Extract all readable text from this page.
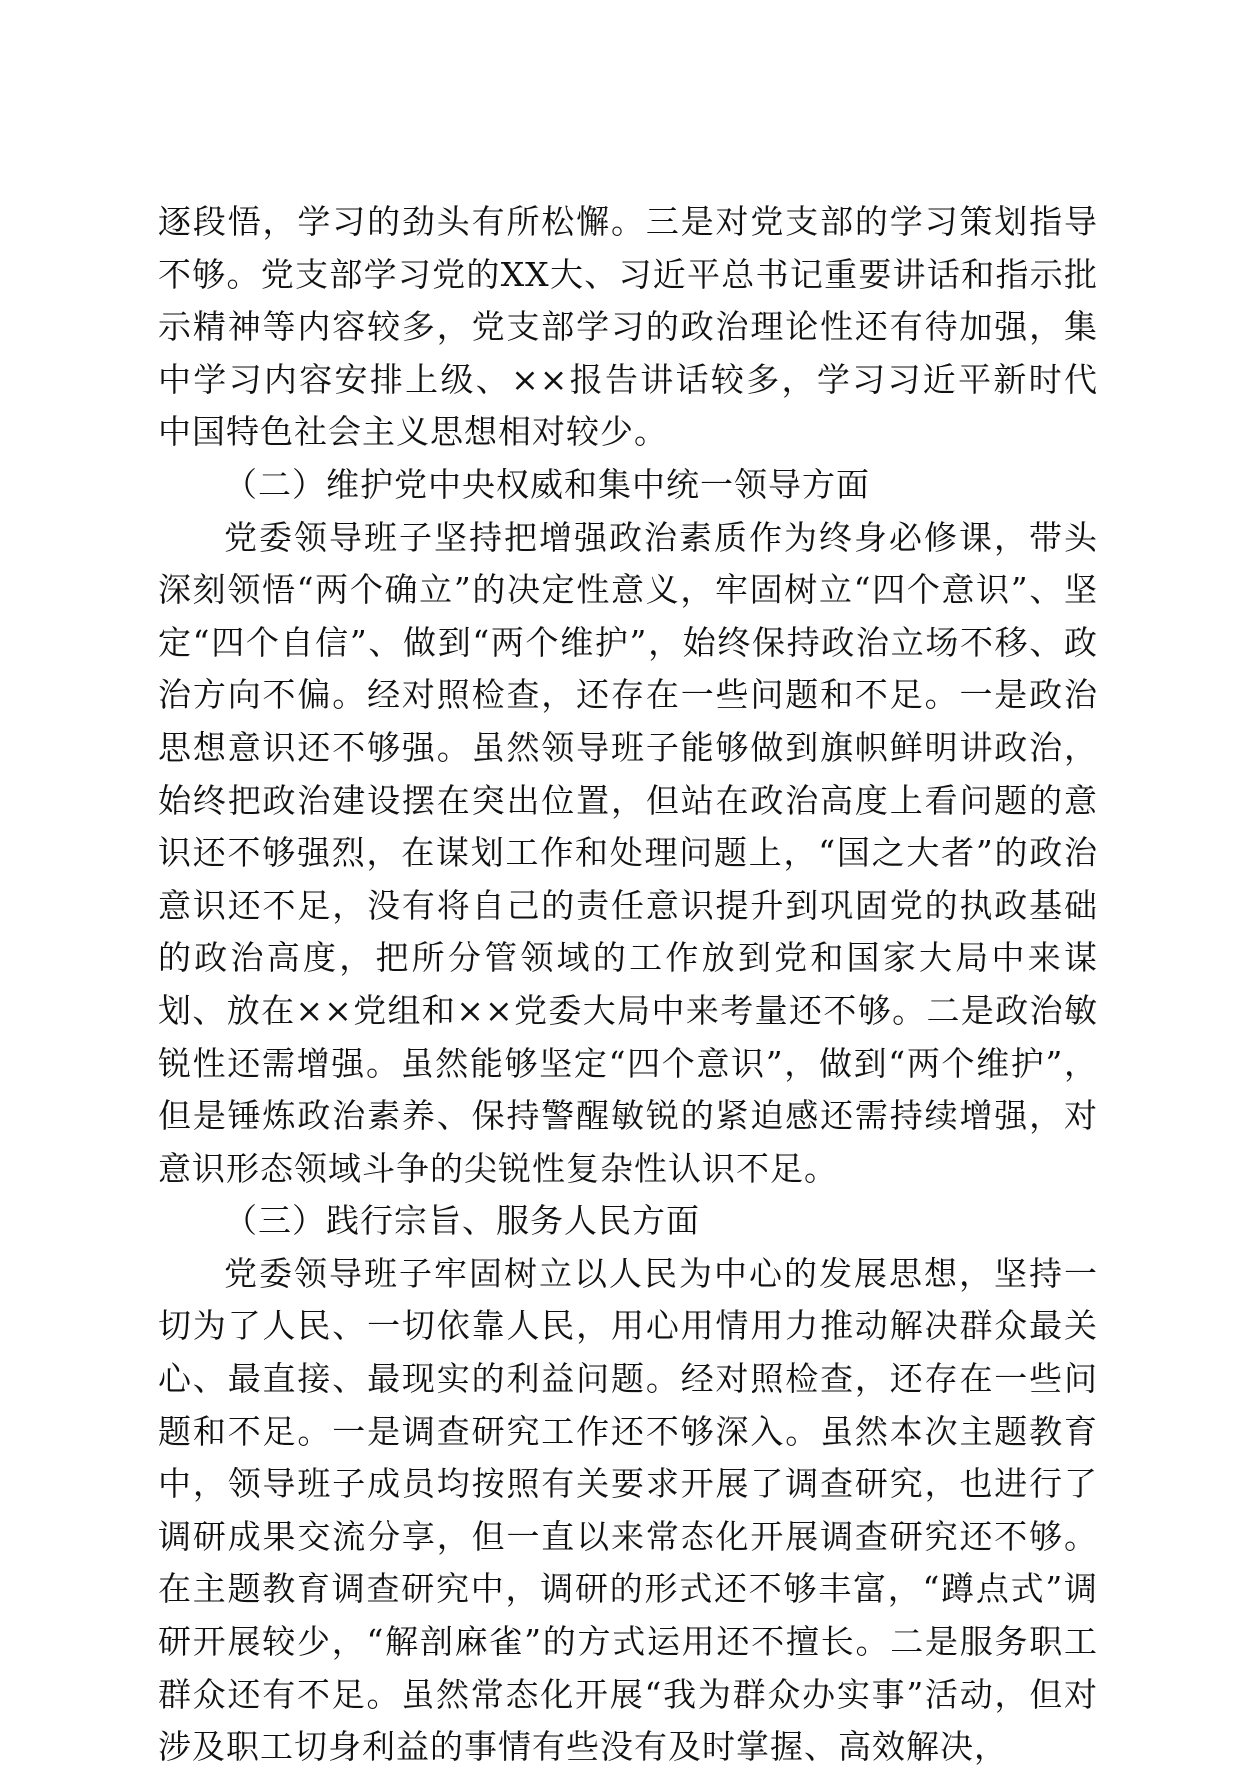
逐段悟，学习的劲头有所松懈。三是对党支部的学习策划指导不够。党支部学习党的XX大、习近平总书记重要讲话和指示批示精神等内容较多，党支部学习的政治理论性还有待加强，集中学习内容安排上级、××报告讲话较多，学习习近平新时代中国特色社会主义思想相对较少。

（二）维护党中央权威和集中统一领导方面

党委领导班子坚持把增强政治素质作为终身必修课，带头深刻领悟“两个确立”的决定性意义，牢固树立“四个意识”、坚定“四个自信”、做到“两个维护”，始终保持政治立场不移、政治方向不偏。经对照检查，还存在一些问题和不足。一是政治思想意识还不够强。虽然领导班子能够做到旗帜鲜明讲政治，始终把政治建设摆在突出位置，但站在政治高度上看问题的意识还不够强烈，在谋划工作和处理问题上，“国之大者”的政治意识还不足，没有将自己的责任意识提升到巩固党的执政基础的政治高度，把所分管领域的工作放到党和国家大局中来谋划、放在××党组和××党委大局中来考量还不够。二是政治敏锐性还需增强。虽然能够坚定“四个意识”，做到“两个维护”，但是锤炼政治素养、保持警醒敏锐的紧迫感还需持续增强，对意识形态领域斗争的尖锐性复杂性认识不足。

（三）践行宗旨、服务人民方面

党委领导班子牢固树立以人民为中心的发展思想，坚持一切为了人民、一切依靠人民，用心用情用力推动解决群众最关心、最直接、最现实的利益问题。经对照检查，还存在一些问题和不足。一是调查研究工作还不够深入。虽然本次主题教育中，领导班子成员均按照有关要求开展了调查研究，也进行了调研成果交流分享，但一直以来常态化开展调查研究还不够。在主题教育调查研究中，调研的形式还不够丰富，“蹲点式”调研开展较少，“解剖麻雀”的方式运用还不擅长。二是服务职工群众还有不足。虽然常态化开展“我为群众办实事”活动，但对涉及职工切身利益的事情有些没有及时掌握、高效解决，
